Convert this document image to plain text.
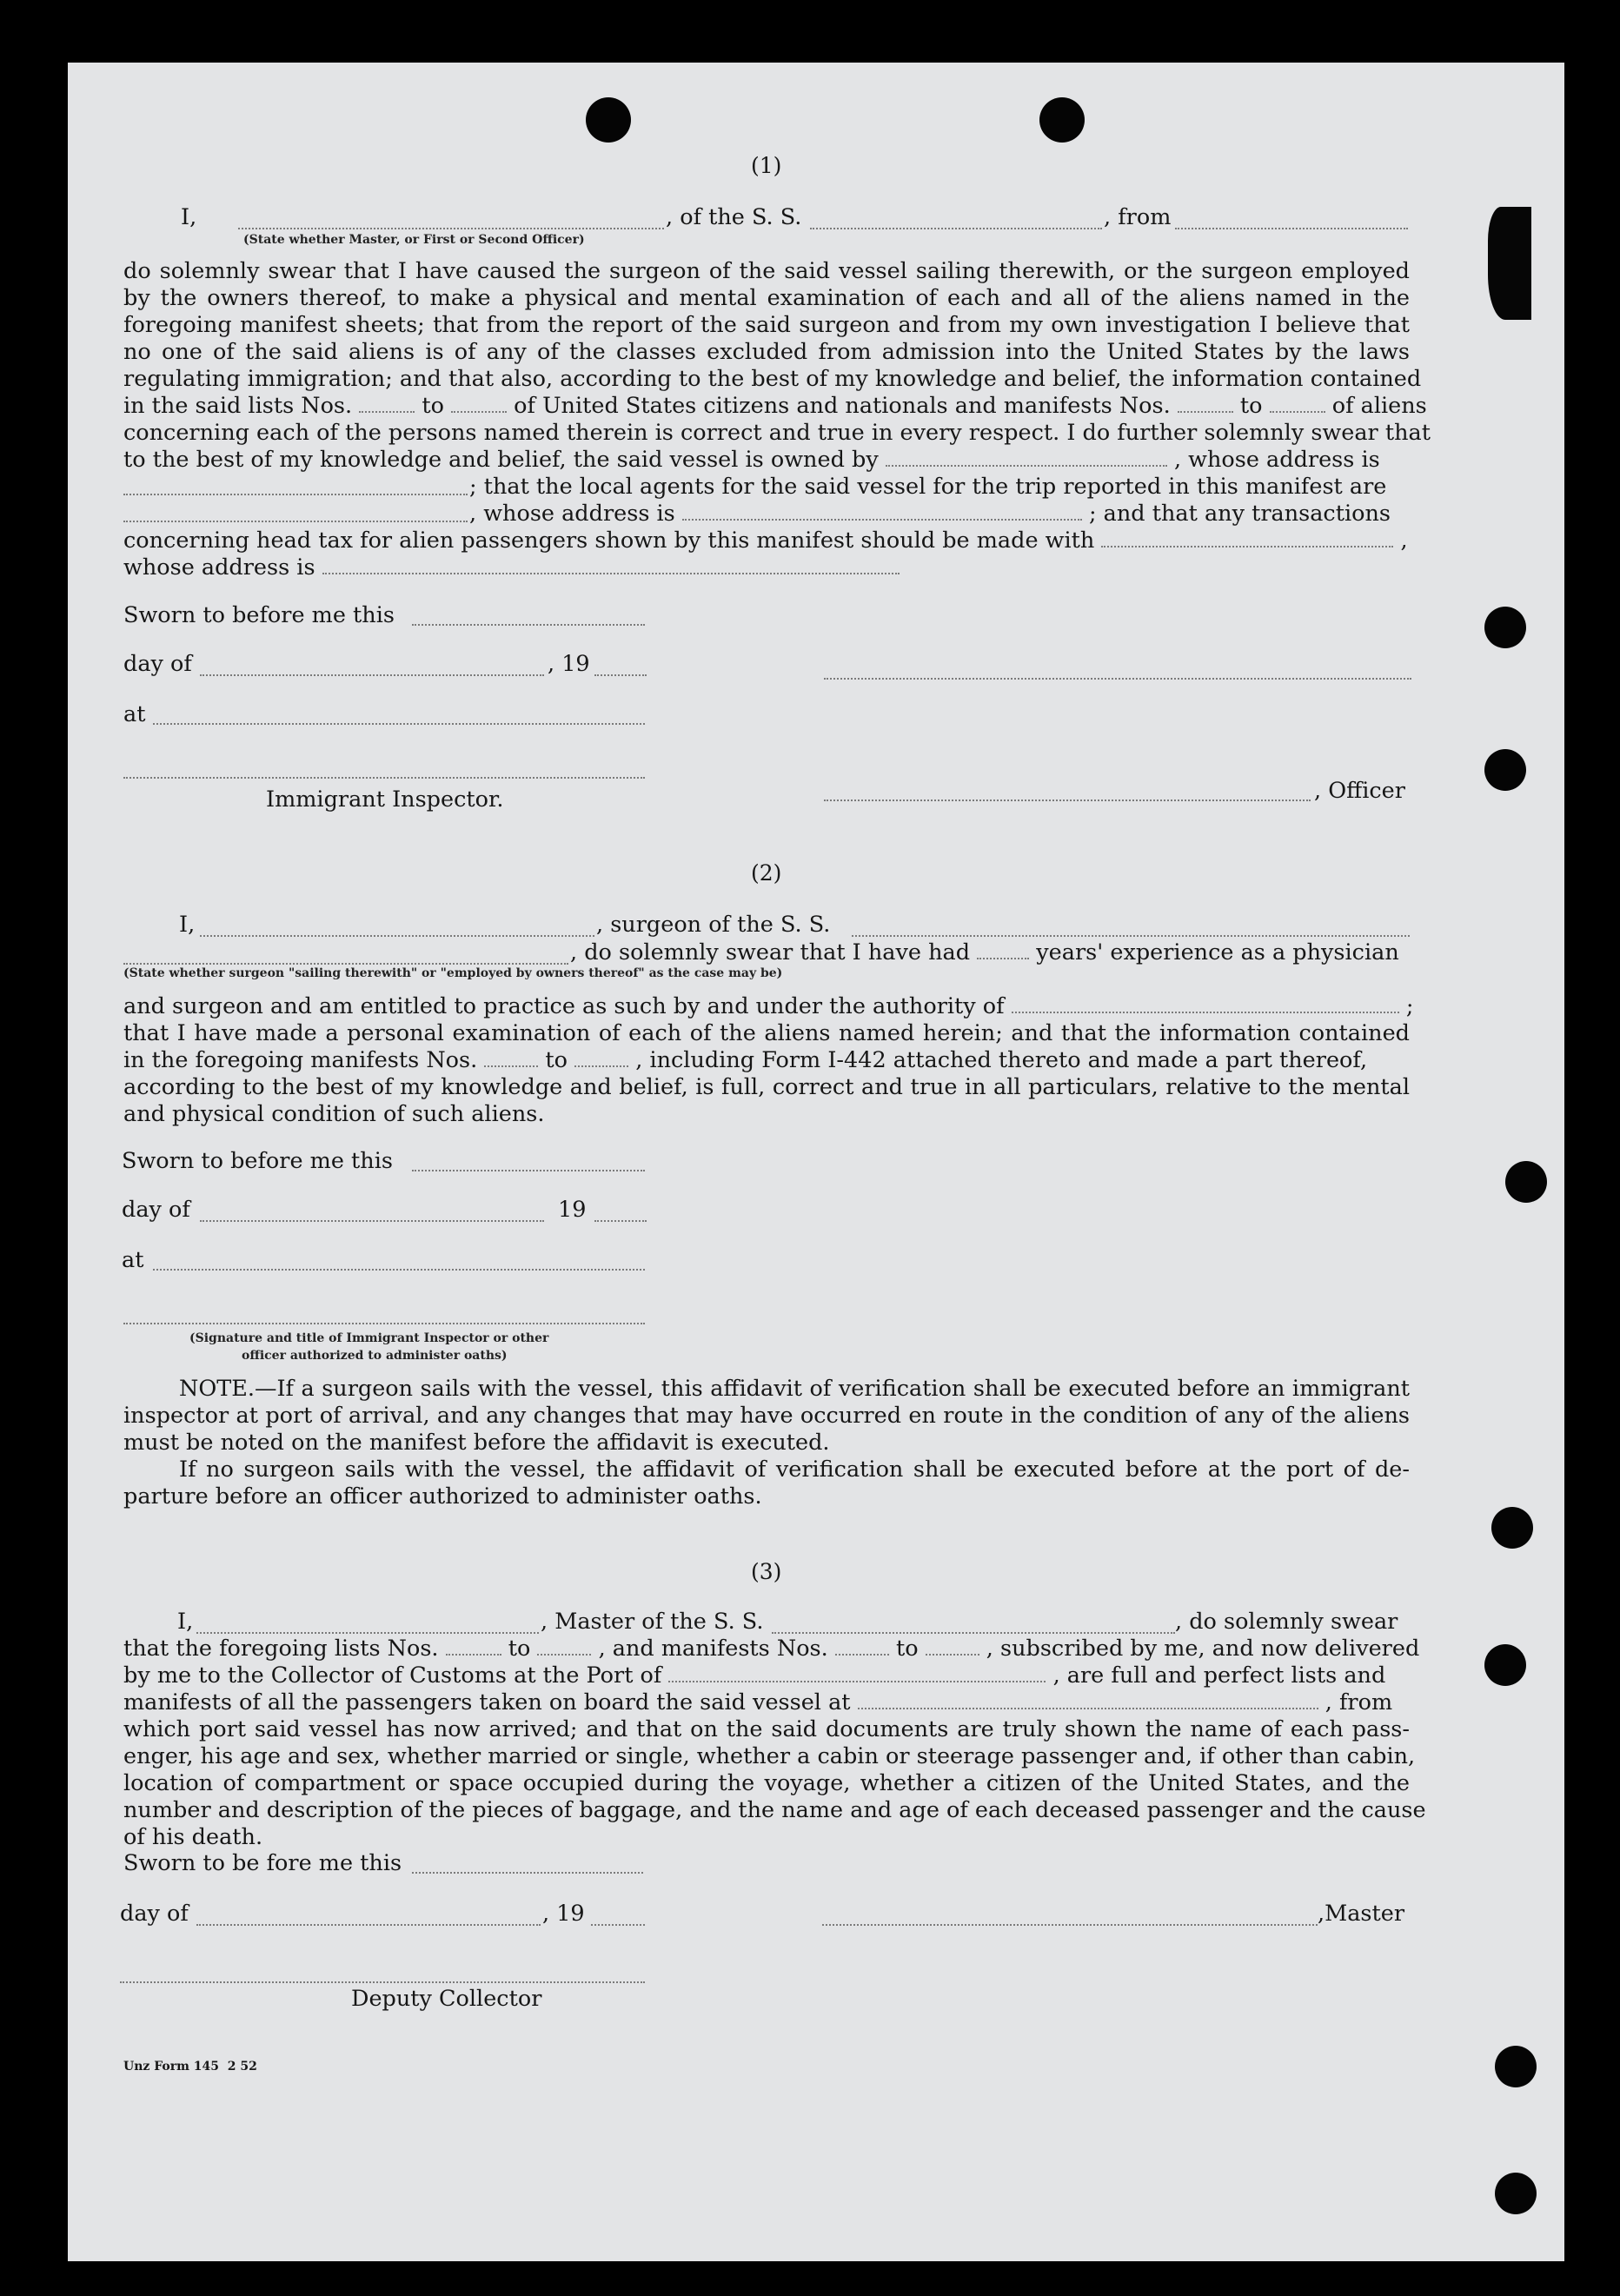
(1)
I,	, of the S. S.	, from
(State whether Master, or First or Second Officer)
do solemnly swear that I have caused the surgeon of the said vessel sailing therewith, or the surgeon employed
by the owners thereof, to make a physical and mental examination of each and all of the aliens named in the
foregoing manifest sheets; that from the report of the said surgeon and from my own investigation I believe that
no one of the said aliens is of any of the classes excluded from admission into the United States by the laws
regulating immigration; and that also, according to the best of my knowledge and belief, the information contained
in the said lists Nos.	to	of United States citizens and nationals and manifests Nos.	to	of aliens
concerning each of the persons named therein is correct and true in every respect. I do further solemnly swear that
to the best of my knowledge and belief, the said vessel is owned by	, whose address is
; that the local agents for the said vessel for the trip reported in this manifest are
, whose address is	; and that any transactions
concerning head tax for alien passengers shown by this manifest should be made with	,
whose address is
Sworn to before me this
day of	, 19
at
Immigrant Inspector.	, Officer
(2)
I,	, surgeon of the S. S.
, do solemnly swear that I have had	years' experience as a physician
(State whether surgeon "sailing therewith" or "employed by owners thereof" as the case may be)
and surgeon and am entitled to practice as such by and under the authority of	;
that I have made a personal examination of each of the aliens named herein; and that the information contained
in the foregoing manifests Nos.	to	, including Form I-442 attached thereto and made a part thereof,
according to the best of my knowledge and belief, is full, correct and true in all particulars, relative to the mental
and physical condition of such aliens.
Sworn to before me this
day of	19
at
(Signature and title of Immigrant Inspector or other
officer authorized to administer oaths)
NOTE.—If a surgeon sails with the vessel, this affidavit of verification shall be executed before an immigrant
inspector at port of arrival, and any changes that may have occurred en route in the condition of any of the aliens
must be noted on the manifest before the affidavit is executed.
If no surgeon sails with the vessel, the affidavit of verification shall be executed before at the port of de-
parture before an officer authorized to administer oaths.
(3)
I,	, Master of the S. S.	, do solemnly swear
that the foregoing lists Nos.	to	, and manifests Nos.	to	, subscribed by me, and now delivered
by me to the Collector of Customs at the Port of	, are full and perfect lists and
manifests of all the passengers taken on board the said vessel at	, from
which port said vessel has now arrived; and that on the said documents are truly shown the name of each pass-
enger, his age and sex, whether married or single, whether a cabin or steerage passenger and, if other than cabin,
location of compartment or space occupied during the voyage, whether a citizen of the United States, and the
number and description of the pieces of baggage, and the name and age of each deceased passenger and the cause
of his death.
Sworn to be fore me this
day of	, 19	,Master
Deputy Collector
Unz Form 145  2 52
